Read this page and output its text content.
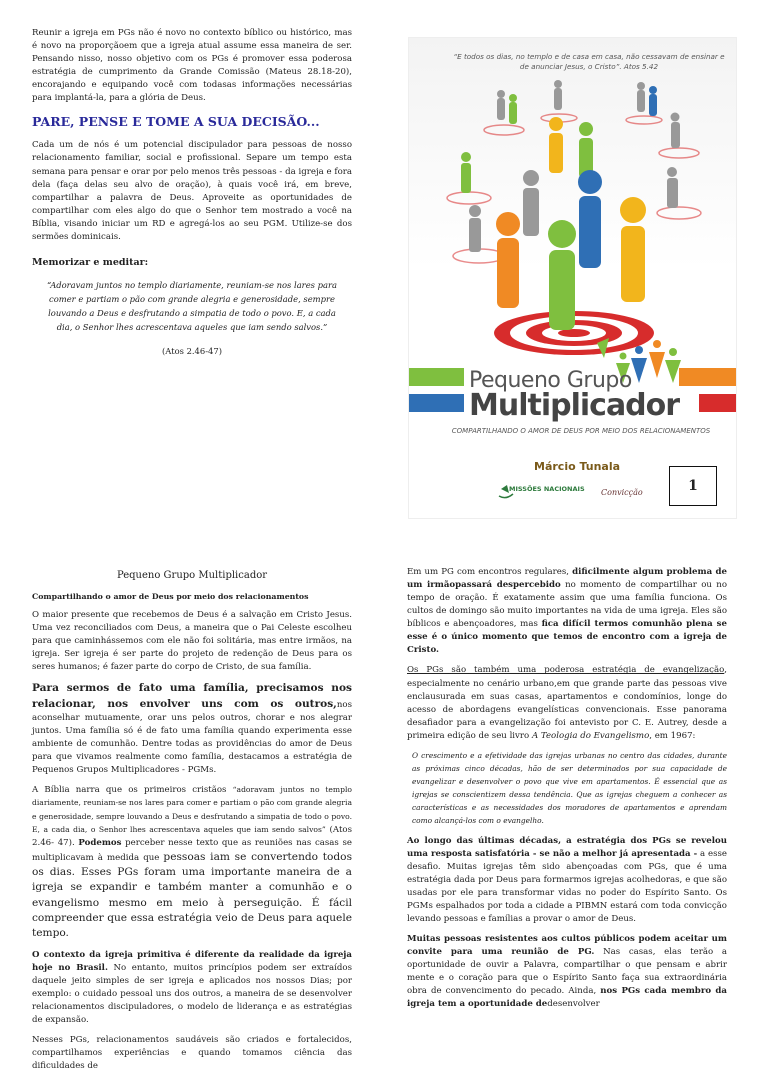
Reunir a igreja em PGs não é novo no contexto bíblico ou histórico, mas é novo na proporçãoem que a igreja atual assume essa maneira de ser. Pensando nisso, nosso objetivo com os PGs é promover essa poderosa estratégia de cumprimento da Grande Comissão (Mateus 28.18-20), encorajando e equipando você com todasas informações necessárias para implantá-la, para a glória de Deus.

PARE, PENSE E TOME A SUA DECISÃO...

Cada um de nós é um potencial discipulador para pessoas de nosso relacionamento familiar, social e profissional. Separe um tempo esta semana para pensar e orar por pelo menos três pessoas - da igreja e fora dela (faça delas seu alvo de oração), à quais você irá, em breve, compartilhar a palavra de Deus. Aproveite as oportunidades de compartilhar com eles algo do que o Senhor tem mostrado a você na Bíblia, visando iniciar um RD e agregá-los ao seu PGM. Utilize-se dos sermões dominicais.

Memorizar e meditar:
“Adoravam juntos no templo diariamente, reuniam-se nos lares para comer e partiam o pão com grande alegria e generosidade, sempre louvando a Deus e desfrutando a simpatia de todo o povo. E, a cada dia, o Senhor lhes acrescentava aqueles que iam sendo salvos.”
(Atos 2.46-47)
“E todos os dias, no templo e de casa em casa, não cessavam de ensinar e de anunciar Jesus, o Cristo”. Atos 5.42
Pequeno Grupo
Multiplicador
COMPARTILHANDO O AMOR DE DEUS POR MEIO DOS RELACIONAMENTOS
Márcio Tunala
MISSÕES NACIONAIS Convicção	1
Pequeno Grupo Multiplicador
Compartilhando o amor de Deus por meio dos relacionamentos

O maior presente que recebemos de Deus é a salvação em Cristo Jesus. Uma vez reconciliados com Deus, a maneira que o Pai Celeste escolheu para que caminhássemos com ele não foi solitária, mas entre irmãos, na igreja. Ser igreja é ser parte do projeto de redenção de Deus para os seres humanos; é fazer parte do corpo de Cristo, de sua família.

Para sermos de fato uma família, precisamos nos relacionar, nos envolver uns com os outros,nos aconselhar mutuamente, orar uns pelos outros, chorar e nos alegrar juntos. Uma família só é de fato uma família quando experimenta esse ambiente de comunhão. Dentre todas as providências do amor de Deus para que vivamos realmente como família, destacamos a estratégia de Pequenos Grupos Multiplicadores - PGMs.

A Bíblia narra que os primeiros cristãos “adoravam juntos no templo diariamente, reuniam-se nos lares para comer e partiam o pão com grande alegria e generosidade, sempre louvando a Deus e desfrutando a simpatia de todo o povo. E, a cada dia, o Senhor lhes acrescentava aqueles que iam sendo salvos” (Atos 2.46- 47). Podemos perceber nesse texto que as reuniões nas casas se multiplicavam à medida que pessoas iam se convertendo todos os dias. Esses PGs foram uma importante maneira de a igreja se expandir e também manter a comunhão e o evangelismo mesmo em meio à perseguição. É fácil compreender que essa estratégia veio de Deus para aquele tempo.

O contexto da igreja primitiva é diferente da realidade da igreja hoje no Brasil. No entanto, muitos princípios podem ser extraídos daquele jeito simples de ser igreja e aplicados nos nossos Dias; por exemplo: o cuidado pessoal uns dos outros, a maneira de se desenvolver relacionamentos discipuladores, o modelo de liderança e as estratégias de expansão.

Nesses PGs, relacionamentos saudáveis são criados e fortalecidos, compartilhamos experiências e quando tomamos ciência das dificuldades de

Em um PG com encontros regulares, dificilmente algum problema de um irmãopassará despercebido no momento de compartilhar ou no tempo de oração. É exatamente assim que uma família funciona. Os cultos de domingo são muito importantes na vida de uma igreja. Eles são bíblicos e abençoadores, mas fica difícil termos comunhão plena se esse é o único momento que temos de encontro com a igreja de Cristo.

Os PGs são também uma poderosa estratégia de evangelização, especialmente no cenário urbano,em que grande parte das pessoas vive enclausurada em suas casas, apartamentos e condomínios, longe do acesso de abordagens evangelísticas convencionais. Esse panorama desafiador para a evangelização foi antevisto por C. E. Autrey, desde a primeira edição de seu livro A Teologia do Evangelismo, em 1967:

O crescimento e a efetividade das igrejas urbanas no centro das cidades, durante as próximas cinco décadas, hão de ser determinados por sua capacidade de evangelizar e desenvolver o povo que vive em apartamentos. É essencial que as igrejas se conscientizem dessa tendência. Que as igrejas cheguem a conhecer as características e as necessidades dos moradores de apartamentos e aprendam como alcançá-los com o evangelho.

Ao longo das últimas décadas, a estratégia dos PGs se revelou uma resposta satisfatória - se não a melhor já apresentada - a esse desafio. Muitas igrejas têm sido abençoadas com PGs, que é uma estratégia dada por Deus para formarmos igrejas acolhedoras, e que são usadas por ele para transformar vidas no poder do Espírito Santo. Os PGMs espalhados por toda a cidade a PIBMN estará com toda convicção levando pessoas e famílias a provar o amor de Deus.

Muitas pessoas resistentes aos cultos públicos podem aceitar um convite para uma reunião de PG. Nas casas, elas terão a oportunidade de ouvir a Palavra, compartilhar o que pensam e abrir mente e o coração para que o Espírito Santo faça sua extraordinária obra de convencimento do pecado. Ainda, nos PGs cada membro da igreja tem a oportunidade dedesenvolver
